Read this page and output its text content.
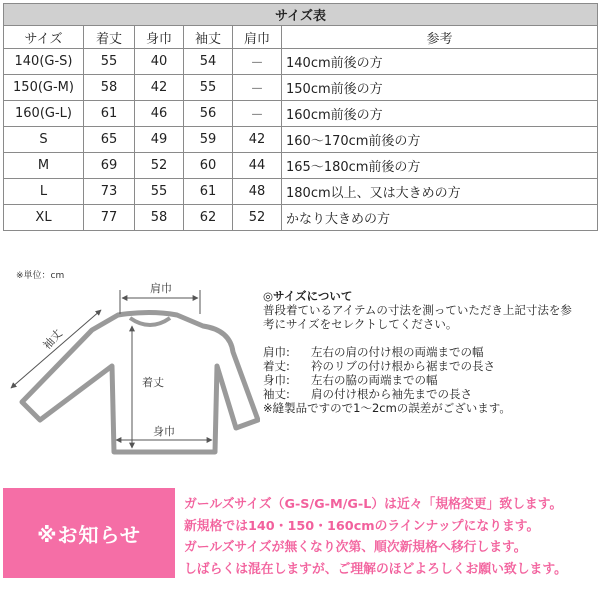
サイズ表					
サイズ	着丈	身巾	袖丈	肩巾	参考
140(G-S)	55	40	54	－	140cm前後の方
150(G-M)	58	42	55	－	150cm前後の方
160(G-L)	61	46	56	－	160cm前後の方
S	65	49	59	42	160～170cm前後の方
M	69	52	60	44	165～180cm前後の方
L	73	55	61	48	180cm以上、又は大きめの方
XL	77	58	62	52	かなり大きめの方
※単位：cm
肩巾
袖丈
着丈
身巾

◎サイズについて

普段着ているアイテムの寸法を測っていただき上記寸法を参

考にサイズをセレクトしてください。

肩巾:	左右の肩の付け根の両端までの幅
着丈:	衿のリブの付け根から裾までの長さ
身巾:	左右の脇の両端までの幅
袖丈:	肩の付け根から袖先までの長さ

※縫製品ですので1～2cmの誤差がございます。

※お知らせ

ガールズサイズ（G-S/G-M/G-L）は近々「規格変更」致します。

新規格では140・150・160cmのラインナップになります。

ガールズサイズが無くなり次第、順次新規格へ移行します。

しばらくは混在しますが、ご理解のほどよろしくお願い致します。
